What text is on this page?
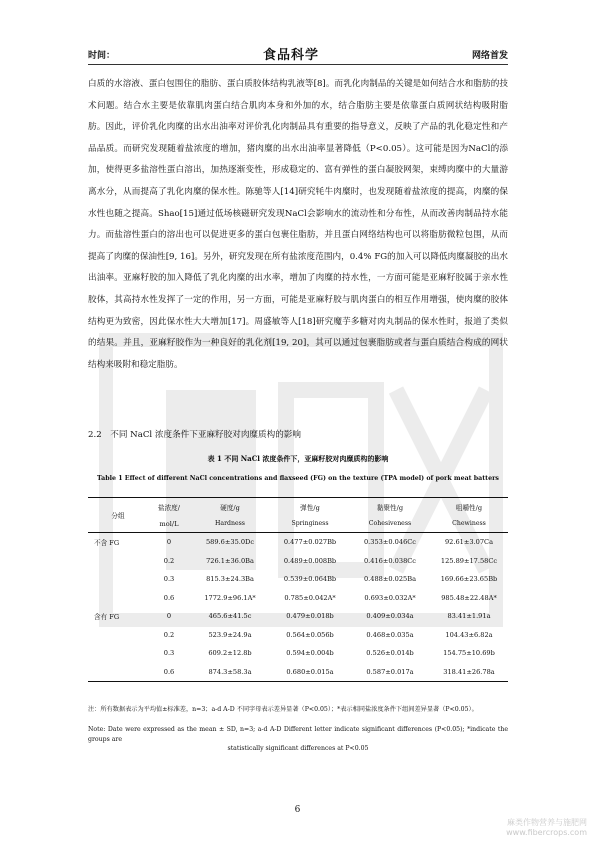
时间：	食品科学	网络首发

白质的水溶液、蛋白包围住的脂肪、蛋白质胶体结构乳液等[8]。而乳化肉制品的关键是如何结合水和脂肪的技术问题。结合水主要是依靠肌肉蛋白结合肌肉本身和外加的水，结合脂肪主要是依靠蛋白质网状结构吸附脂肪。因此，评价乳化肉糜的出水出油率对评价乳化肉制品具有重要的指导意义，反映了产品的乳化稳定性和产品品质。而研究发现随着盐浓度的增加，猪肉糜的出水出油率显著降低（P<0.05）。这可能是因为NaCl的添加，使得更多盐溶性蛋白溶出，加热逐渐变性，形成稳定的、富有弹性的蛋白凝胶网架，束缚肉糜中的大量游离水分，从而提高了乳化肉糜的保水性。陈驰等人[14]研究牦牛肉糜时，也发现随着盐浓度的提高，肉糜的保水性也随之提高。Shao[15]通过低场核磁研究发现NaCl会影响水的流动性和分布性，从而改善肉制品持水能力。而盐溶性蛋白的溶出也可以促进更多的蛋白包裹住脂肪，并且蛋白网络结构也可以将脂肪微粒包围，从而提高了肉糜的保油性[9, 16]。另外，研究发现在所有盐浓度范围内，0.4% FG的加入可以降低肉糜凝胶的出水出油率。亚麻籽胶的加入降低了乳化肉糜的出水率，增加了肉糜的持水性，一方面可能是亚麻籽胶属于亲水性胶体，其高持水性发挥了一定的作用，另一方面，可能是亚麻籽胶与肌肉蛋白的相互作用增强，使肉糜的胶体结构更为致密，因此保水性大大增加[17]。周盛敏等人[18]研究魔芋多糖对肉丸制品的保水性时，报道了类似的结果。并且，亚麻籽胶作为一种良好的乳化剂[19, 20]，其可以通过包裹脂肪或者与蛋白质结合构成的网状结构来吸附和稳定脂肪。

2.2　不同 NaCl 浓度条件下亚麻籽胶对肉糜质构的影响
表 1 不同 NaCl 浓度条件下，亚麻籽胶对肉糜质构的影响
Table 1 Effect of different NaCl concentrations and flaxseed (FG) on the texture (TPA model) of pork meat batters
分组	盐浓度/	硬度/g	弹性/g	黏聚性/g	咀嚼性/g
	mol/L	Hardness	Springiness	Cohesiveness	Chewiness
不含 FG	0	589.6±35.0Dc	0.477±0.027Bb	0.353±0.046Cc	92.61±3.07Ca
	0.2	726.1±36.0Ba	0.489±0.008Bb	0.416±0.038Cc	125.89±17.58Cc
	0.3	815.3±24.3Ba	0.539±0.064Bb	0.488±0.025Ba	169.66±23.65Bb
	0.6	1772.9±96.1A*	0.785±0.042A*	0.693±0.032A*	985.48±22.48A*
含有 FG	0	465.6±41.5c	0.479±0.018b	0.409±0.034a	83.41±1.91a
	0.2	523.9±24.9a	0.564±0.056b	0.468±0.035a	104.43±6.82a
	0.3	609.2±12.8b	0.594±0.004b	0.526±0.014b	154.75±10.69b
	0.6	874.3±58.3a	0.680±0.015a	0.587±0.017a	318.41±26.78a
注：所有数据表示为平均值±标准差，n=3；a-d A-D 不同字母表示差异显著（P<0.05）；*表示相同盐浓度条件下组间差异显著（P<0.05）。
Note: Date were expressed as the mean ± SD, n=3; a-d A-D Different letter indicate significant differences (P<0.05); *indicate the groups are
statistically significant differences at P<0.05
6
麻类作物营养与施肥网
www.fibercrops.com
